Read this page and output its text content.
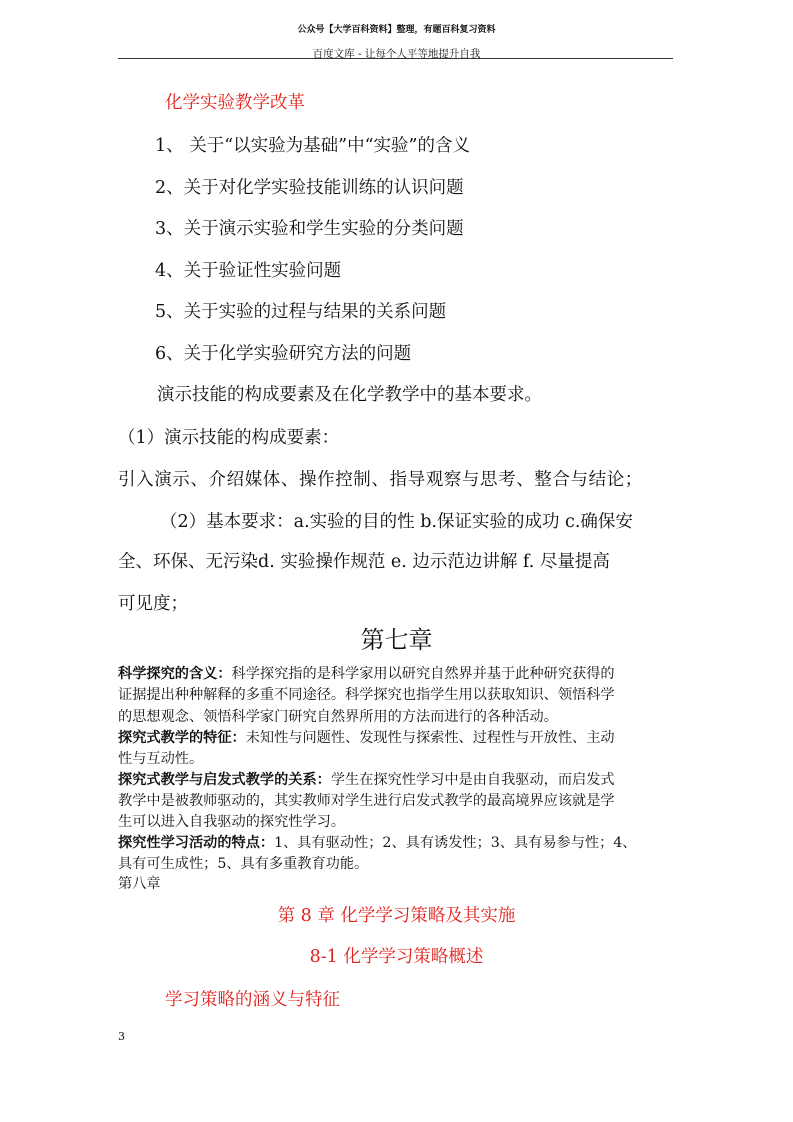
公众号【大学百科资料】整理，有题百科复习资料
百度文库 - 让每个人平等地提升自我
化学实验教学改革
1、 关于“以实验为基础”中“实验”的含义
2、关于对化学实验技能训练的认识问题
3、关于演示实验和学生实验的分类问题
4、关于验证性实验问题
5、关于实验的过程与结果的关系问题
6、关于化学实验研究方法的问题
演示技能的构成要素及在化学教学中的基本要求。
（1）演示技能的构成要素：
引入演示、介绍媒体、操作控制、指导观察与思考、整合与结论；
（2）基本要求：a.实验的目的性 b.保证实验的成功 c.确保安
全、环保、无污染d. 实验操作规范 e. 边示范边讲解 f. 尽量提高
可见度；
第七章
科学探究的含义：科学探究指的是科学家用以研究自然界并基于此种研究获得的
证据提出种种解释的多重不同途径。科学探究也指学生用以获取知识、领悟科学
的思想观念、领悟科学家门研究自然界所用的方法而进行的各种活动。
探究式教学的特征：未知性与问题性、发现性与探索性、过程性与开放性、主动
性与互动性。
探究式教学与启发式教学的关系：学生在探究性学习中是由自我驱动，而启发式
教学中是被教师驱动的，其实教师对学生进行启发式教学的最高境界应该就是学
生可以进入自我驱动的探究性学习。
探究性学习活动的特点：1、具有驱动性；2、具有诱发性；3、具有易参与性；4、
具有可生成性；5、具有多重教育功能。
第八章
第 8 章 化学学习策略及其实施
8-1 化学学习策略概述
学习策略的涵义与特征
3
